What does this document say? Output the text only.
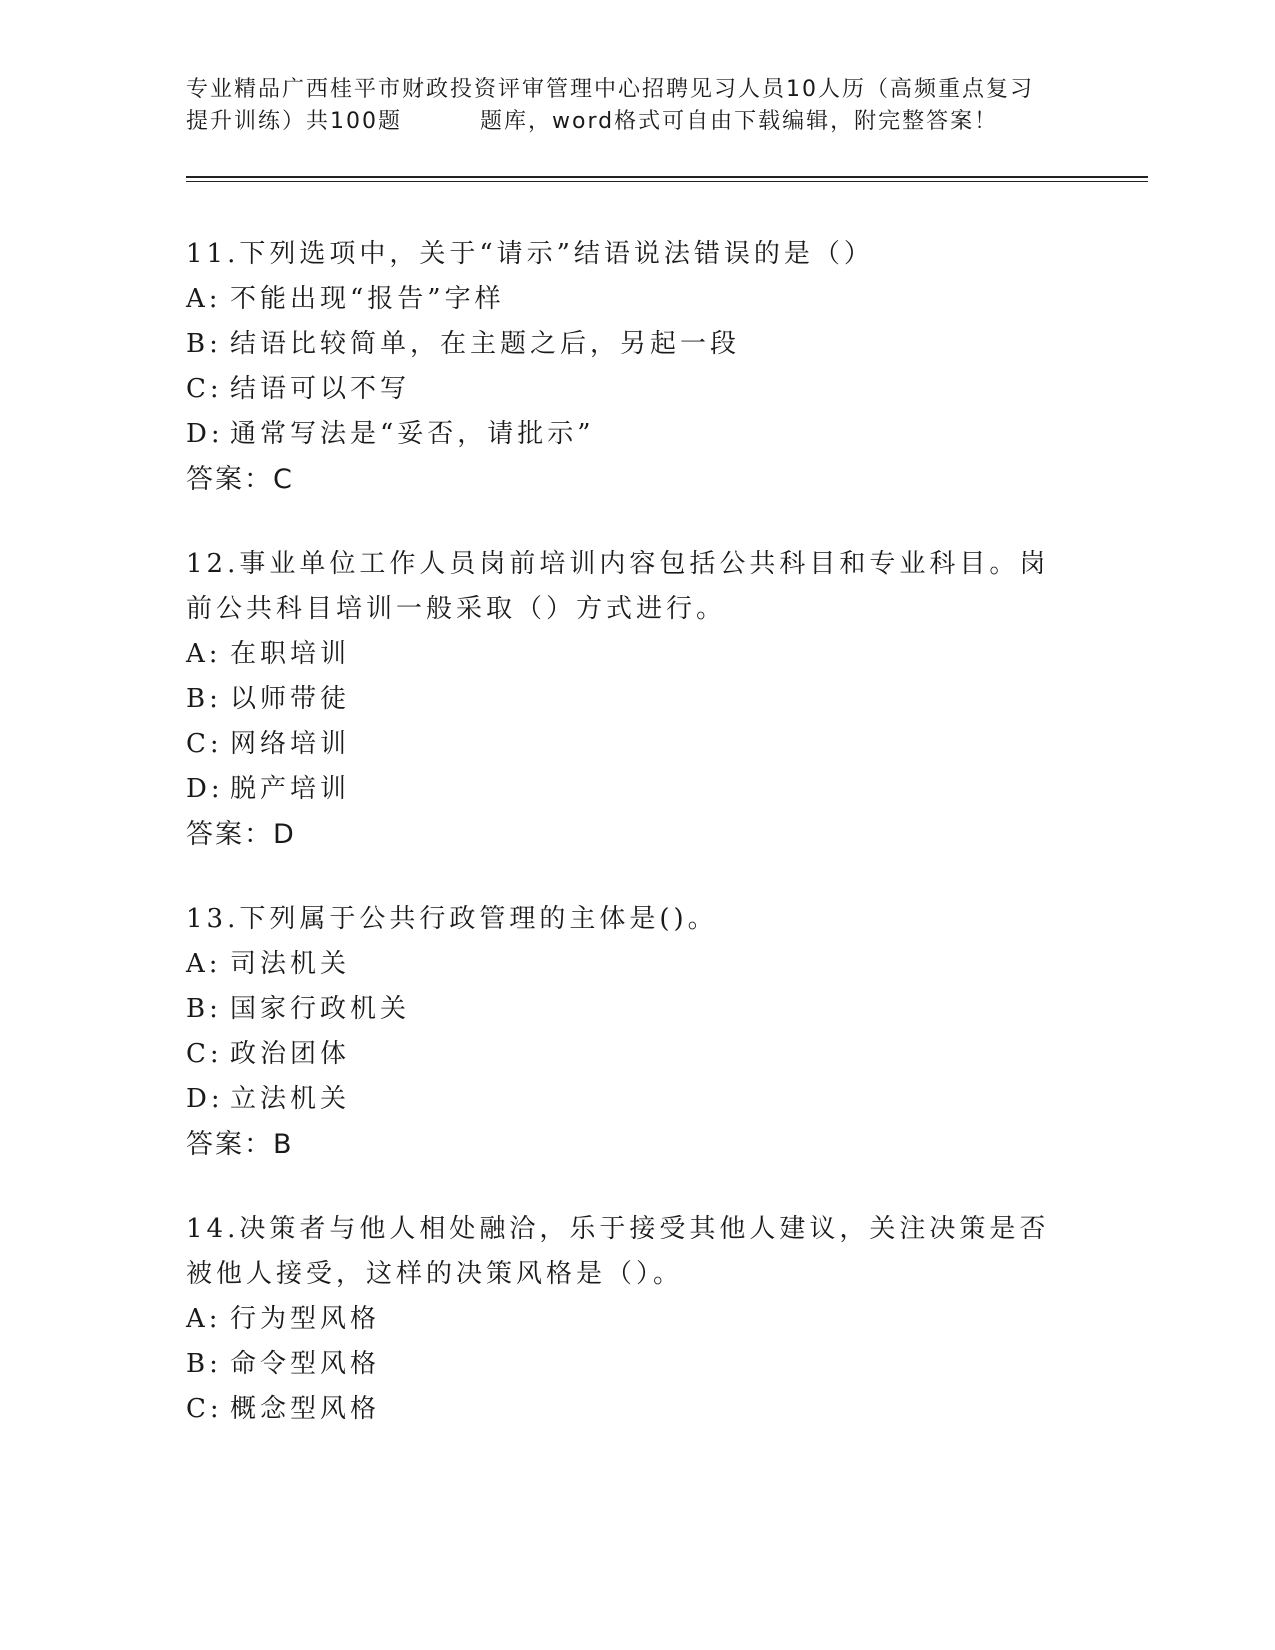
专业精品广西桂平市财政投资评审管理中心招聘见习人员10人历（高频重点复习
提升训练）共100题	题库，word格式可自由下载编辑，附完整答案！
11.下列选项中，关于“请示”结语说法错误的是（）
A: 不能出现“报告”字样
B: 结语比较简单，在主题之后，另起一段
C: 结语可以不写
D: 通常写法是“妥否，请批示”
答案：C
12.事业单位工作人员岗前培训内容包括公共科目和专业科目。岗前公共科目培训一般采取（）方式进行。
A: 在职培训
B: 以师带徒
C: 网络培训
D: 脱产培训
答案：D
13.下列属于公共行政管理的主体是()。
A: 司法机关
B: 国家行政机关
C: 政治团体
D: 立法机关
答案：B
14.决策者与他人相处融洽，乐于接受其他人建议，关注决策是否被他人接受，这样的决策风格是（）。
A: 行为型风格
B: 命令型风格
C: 概念型风格
